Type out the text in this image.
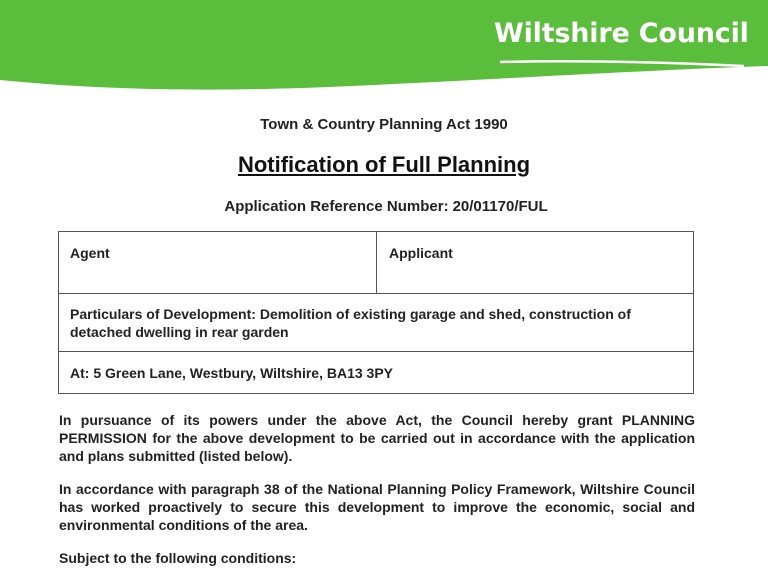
Wiltshire Council
Town & Country Planning Act 1990
Notification of Full Planning
Application Reference Number: 20/01170/FUL
Agent	Applicant
Particulars of Development: Demolition of existing garage and shed, construction of detached dwelling in rear garden
At: 5 Green Lane, Westbury, Wiltshire, BA13 3PY
In pursuance of its powers under the above Act, the Council hereby grant PLANNING PERMISSION for the above development to be carried out in accordance with the application and plans submitted (listed below).
In accordance with paragraph 38 of the National Planning Policy Framework, Wiltshire Council has worked proactively to secure this development to improve the economic, social and environmental conditions of the area.
Subject to the following conditions:
